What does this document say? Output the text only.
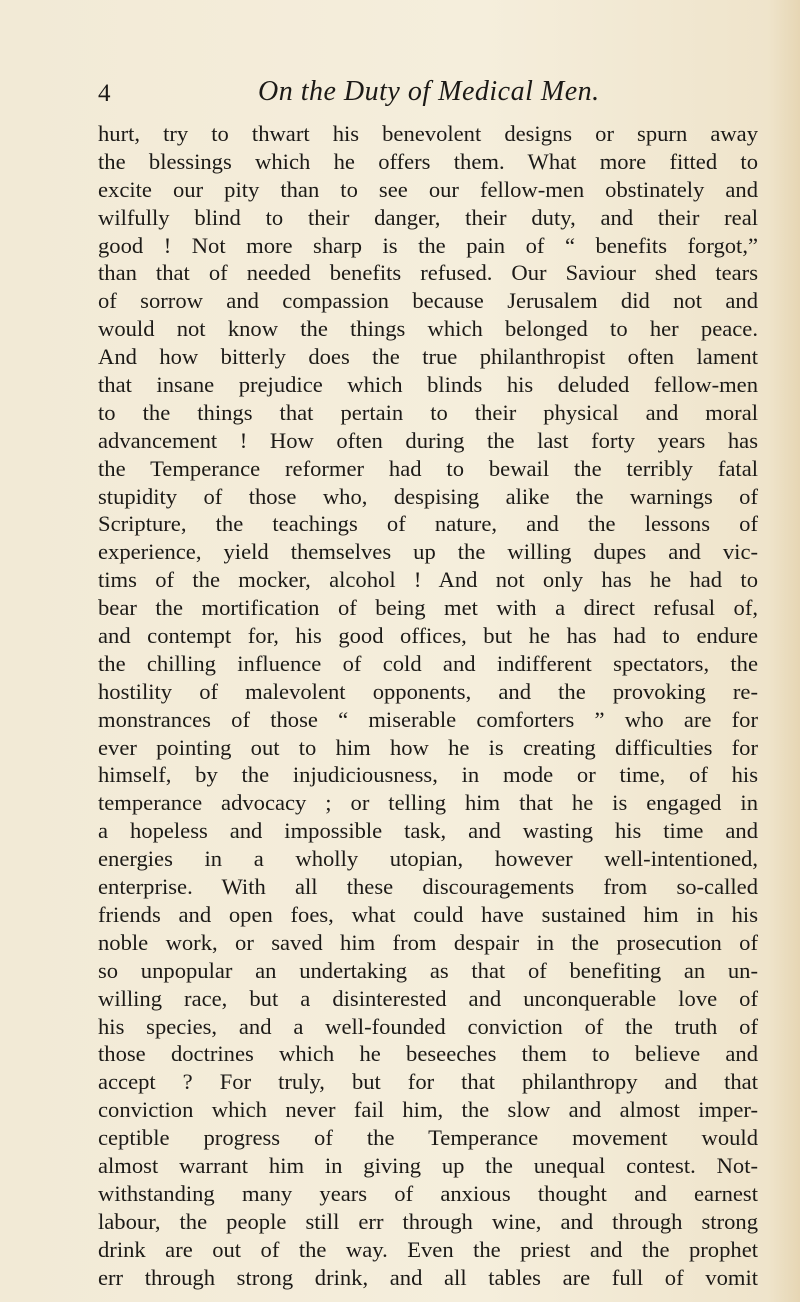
4	On the Duty of Medical Men.
hurt, try to thwart his benevolent designs or spurn away
the blessings which he offers them. What more fitted to
excite our pity than to see our fellow-men obstinately and
wilfully blind to their danger, their duty, and their real
good ! Not more sharp is the pain of “ benefits forgot,”
than that of needed benefits refused. Our Saviour shed tears
of sorrow and compassion because Jerusalem did not and
would not know the things which belonged to her peace.
And how bitterly does the true philanthropist often lament
that insane prejudice which blinds his deluded fellow-men
to the things that pertain to their physical and moral
advancement ! How often during the last forty years has
the Temperance reformer had to bewail the terribly fatal
stupidity of those who, despising alike the warnings of
Scripture, the teachings of nature, and the lessons of
experience, yield themselves up the willing dupes and vic-
tims of the mocker, alcohol ! And not only has he had to
bear the mortification of being met with a direct refusal of,
and contempt for, his good offices, but he has had to endure
the chilling influence of cold and indifferent spectators, the
hostility of malevolent opponents, and the provoking re-
monstrances of those “ miserable comforters ” who are for
ever pointing out to him how he is creating difficulties for
himself, by the injudiciousness, in mode or time, of his
temperance advocacy ; or telling him that he is engaged in
a hopeless and impossible task, and wasting his time and
energies in a wholly utopian, however well-intentioned,
enterprise. With all these discouragements from so-called
friends and open foes, what could have sustained him in his
noble work, or saved him from despair in the prosecution of
so unpopular an undertaking as that of benefiting an un-
willing race, but a disinterested and unconquerable love of
his species, and a well-founded conviction of the truth of
those doctrines which he beseeches them to believe and
accept ? For truly, but for that philanthropy and that
conviction which never fail him, the slow and almost imper-
ceptible progress of the Temperance movement would
almost warrant him in giving up the unequal contest. Not-
withstanding many years of anxious thought and earnest
labour, the people still err through wine, and through strong
drink are out of the way. Even the priest and the prophet
err through strong drink, and all tables are full of vomit
